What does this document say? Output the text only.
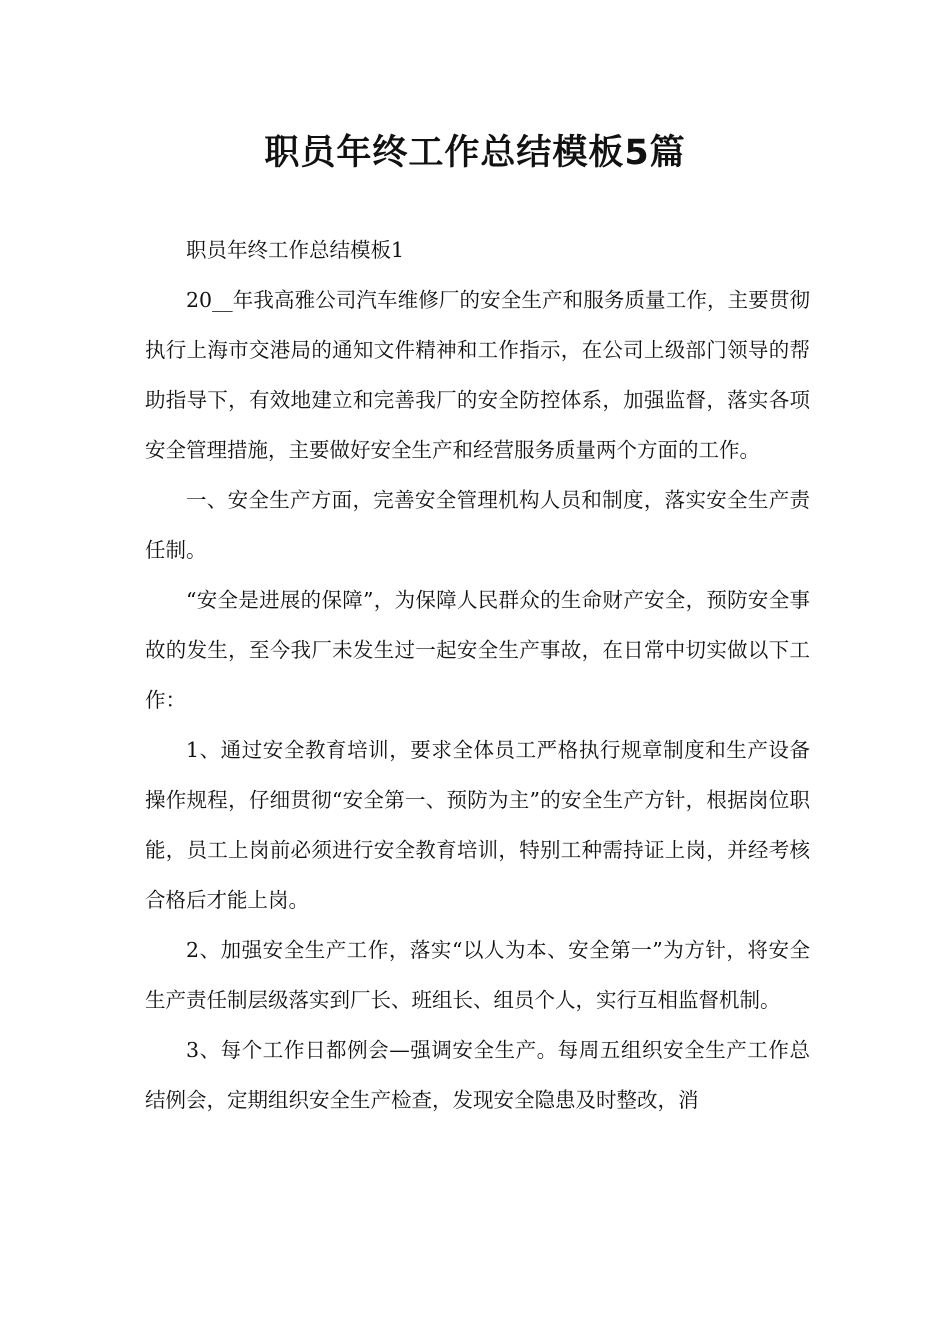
职员年终工作总结模板5篇

职员年终工作总结模板1

20__年我高雅公司汽车维修厂的安全生产和服务质量工作，主要贯彻执行上海市交港局的通知文件精神和工作指示，在公司上级部门领导的帮助指导下，有效地建立和完善我厂的安全防控体系，加强监督，落实各项安全管理措施，主要做好安全生产和经营服务质量两个方面的工作。

一、安全生产方面，完善安全管理机构人员和制度，落实安全生产责任制。

“安全是进展的保障”，为保障人民群众的生命财产安全，预防安全事故的发生，至今我厂未发生过一起安全生产事故，在日常中切实做以下工作：

1、通过安全教育培训，要求全体员工严格执行规章制度和生产设备操作规程，仔细贯彻“安全第一、预防为主”的安全生产方针，根据岗位职能，员工上岗前必须进行安全教育培训，特别工种需持证上岗，并经考核合格后才能上岗。

2、加强安全生产工作，落实“以人为本、安全第一”为方针，将安全生产责任制层级落实到厂长、班组长、组员个人，实行互相监督机制。

3、每个工作日都例会—强调安全生产。每周五组织安全生产工作总结例会，定期组织安全生产检查，发现安全隐患及时整改，消
